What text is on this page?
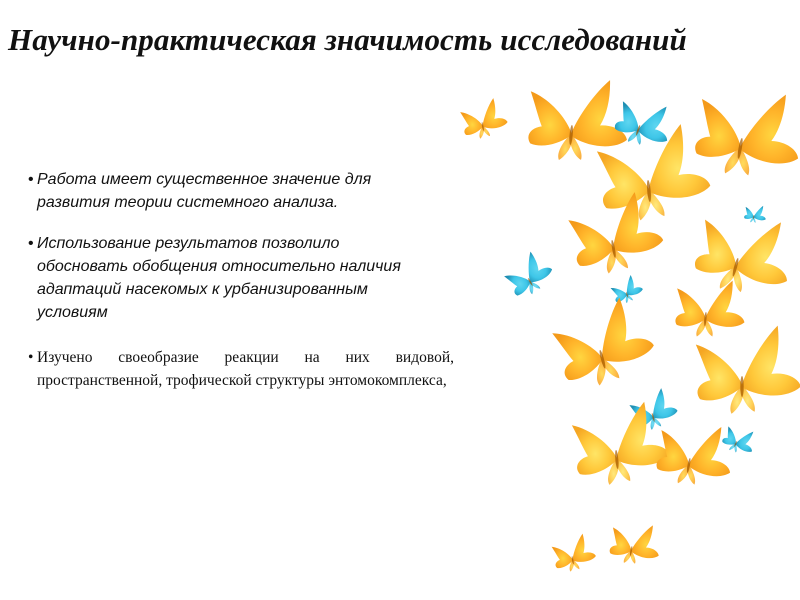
Научно-практическая значимость исследований
• Работа имеет существенное значение для развития теории системного анализа.
• Использование результатов позволило обосновать обобщения относительно наличия адаптаций насекомых к урбанизированным условиям
• Изучено своеобразие реакции на них видовой, пространственной, трофической структуры энтомокомплекса,
